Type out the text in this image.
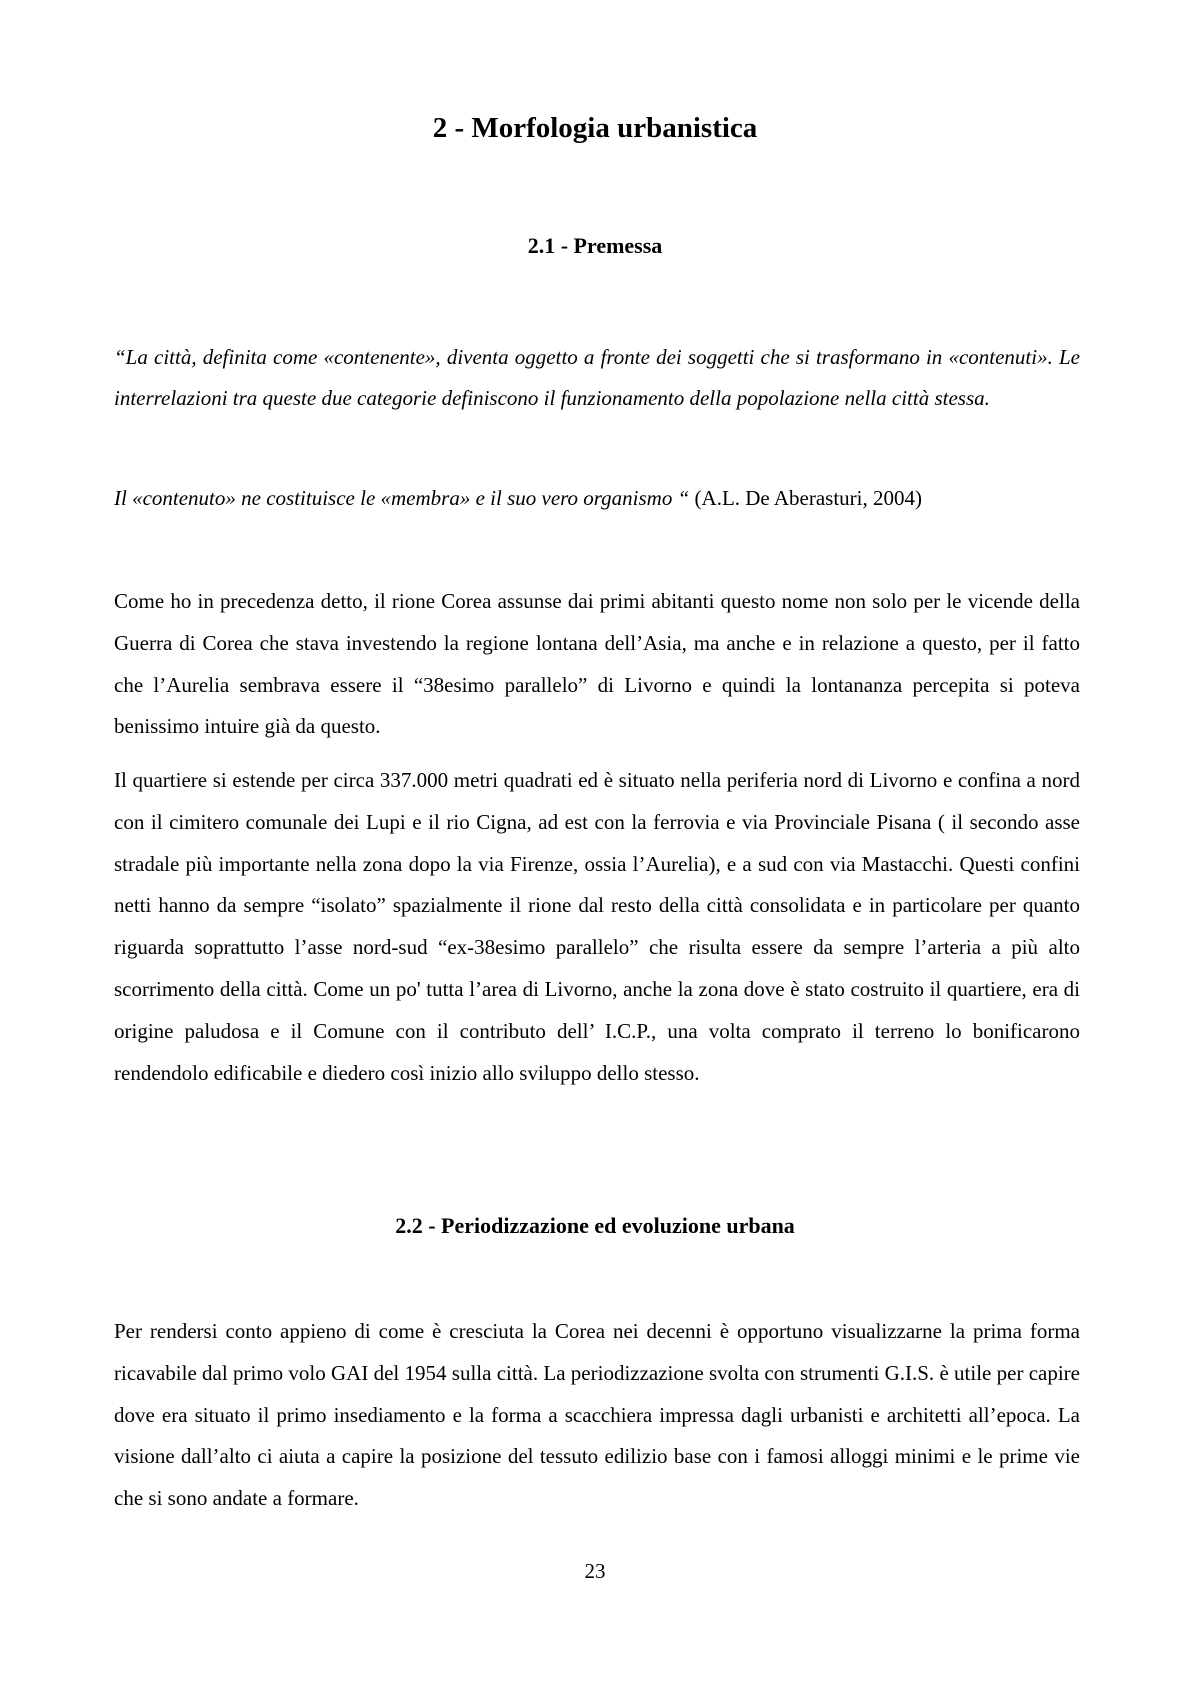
2 - Morfologia urbanistica
2.1 - Premessa

“La città, definita come «contenente», diventa oggetto a fronte dei soggetti che si trasformano in «contenuti». Le interrelazioni tra queste due categorie definiscono il funzionamento della popolazione nella città stessa.

Il «contenuto» ne costituisce le «membra» e il suo vero organismo “ (A.L. De Aberasturi, 2004)

Come ho in precedenza detto, il rione Corea assunse dai primi abitanti questo nome non solo per le vicende della Guerra di Corea che stava investendo la regione lontana dell’Asia, ma anche e in relazione a questo, per il fatto che l’Aurelia sembrava essere il “38esimo parallelo” di Livorno e quindi la lontananza percepita si poteva benissimo intuire già da questo.

Il quartiere si estende per circa 337.000 metri quadrati ed è situato nella periferia nord di Livorno e confina a nord con il cimitero comunale dei Lupi e il rio Cigna, ad est con la ferrovia e via Provinciale Pisana ( il secondo asse stradale più importante nella zona dopo la via Firenze, ossia l’Aurelia), e a sud con via Mastacchi. Questi confini netti hanno da sempre “isolato” spazialmente il rione dal resto della città consolidata e in particolare per quanto riguarda soprattutto l’asse nord-sud “ex-38esimo parallelo” che risulta essere da sempre l’arteria a più alto scorrimento della città. Come un po' tutta l’area di Livorno, anche la zona dove è stato costruito il quartiere, era di origine paludosa e il Comune con il contributo dell’ I.C.P., una volta comprato il terreno lo bonificarono rendendolo edificabile e diedero così inizio allo sviluppo dello stesso.

2.2 - Periodizzazione ed evoluzione urbana

Per rendersi conto appieno di come è cresciuta la Corea nei decenni è opportuno visualizzarne la prima forma ricavabile dal primo volo GAI del 1954 sulla città. La periodizzazione svolta con strumenti G.I.S. è utile per capire dove era situato il primo insediamento e la forma a scacchiera impressa dagli urbanisti e architetti all’epoca. La visione dall’alto ci aiuta a capire la posizione del tessuto edilizio base con i famosi alloggi minimi e le prime vie che si sono andate a formare.

23
